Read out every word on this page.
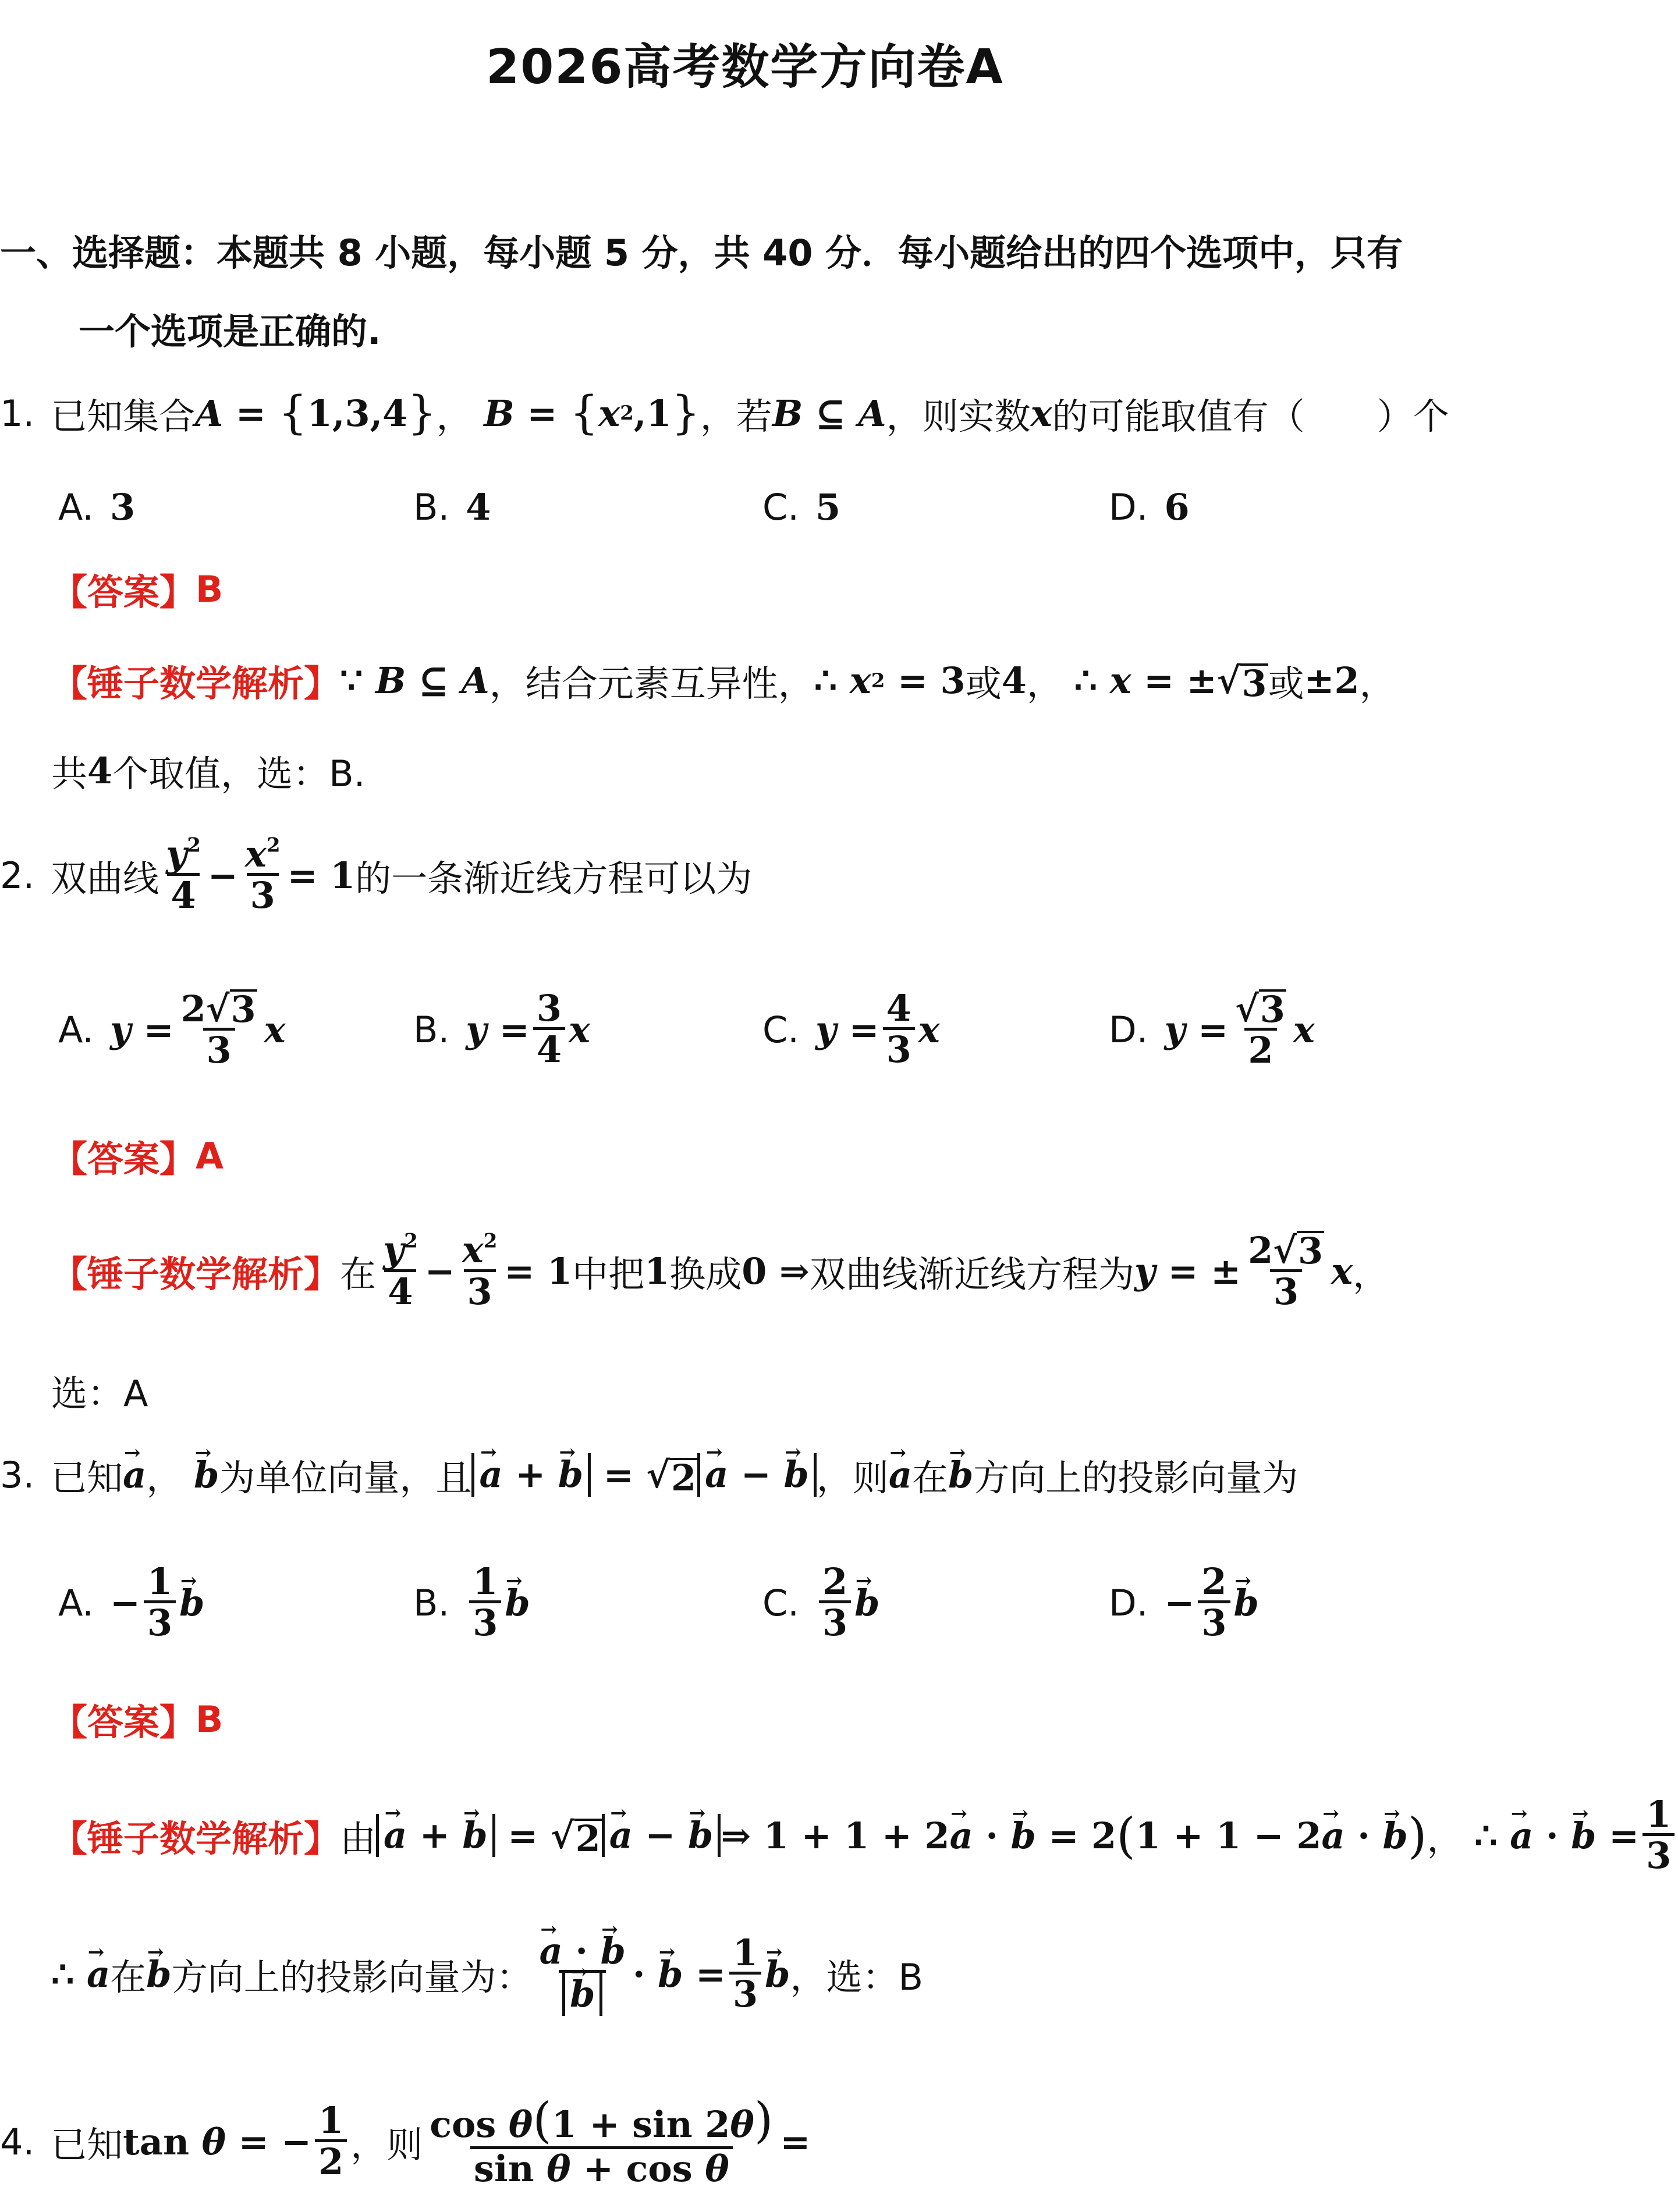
2026高考数学方向卷A
一、选择题：本题共 8 小题，每小题 5 分，共 40 分．每小题给出的四个选项中，只有
一个选项是正确的.
1. 已知集合 A = { 1,3,4 } ， B = { x 2 ,1 } ，若 B ⊆ A ，则实数 x 的可能取值有（　　）个
A. 3	B. 4	C. 5	D. 6
【答案】 B
【锤子数学解析】 ∵ B ⊆ A ，结合元素互异性， ∴ x 2 = 3 或 4 ， ∴ x = ± √ 3 或 ±2 ，
共 4 个取值，选：B.
2. 双曲线 $\frac{y^2}{4} - \frac{x^2}{3} = 1$ 的一条渐近线方程可以为
A. $y = \frac{2 √ 3}{3}$ x	B. $y = \frac{3}{4}$ x	C. $y = \frac{4}{3}$ x	D. $y = \frac{√ 3}{2}$ x
【答案】 A
【锤子数学解析】 在 $\frac{y^2}{4} - \frac{x^2}{3} = 1$ 中把 1 换成 0 ⇒ 双曲线渐近线方程为 y = ± $\frac{2 √ 3}{3}$ x ，
选：A
3. 已知
→ a ，
→ b 为单位向量，且
→ a + → b = √ 2
→ a − → b ，则
→ a 在
→ b 方向上的投影向量为
A. − $\frac{1}{3}$
→ b	B. $\frac{1}{3}$
→ b	C. $\frac{2}{3}$
→ b	D. − $\frac{2}{3}$
→ b
【答案】 B
【锤子数学解析】 由
→ a + → b = √ 2
→ a − → b ⇒ 1 + 1 + 2
→ a ·
→ b = 2 ( 1 + 1 − 2
→ a ·
→ b ) ， ∴
→ a ·
→ $b = \frac{1}{3}$
∴
→ a 在
→ b 方向上的投影向量为：
→ a · → b
→ b ·
→ $b = \frac{1}{3}$
→ b ，选：B
4. 已知 tan θ = − $\frac{1}{2}$ ，则 $\frac{\text{cos θ(1 + sin 2θ)}}{\text{sin θ + cos θ}}$ =
